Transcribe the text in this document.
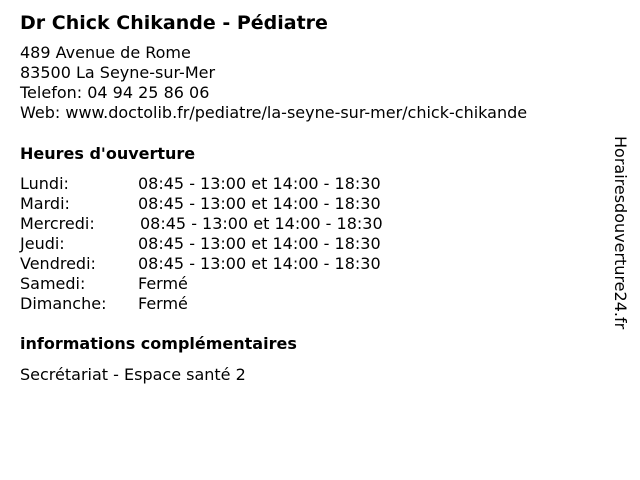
Dr Chick Chikande - Pédiatre
489 Avenue de Rome
83500 La Seyne-sur-Mer
Telefon: 04 94 25 86 06
Web: www.doctolib.fr/pediatre/la-seyne-sur-mer/chick-chikande
Heures d'ouverture
Lundi:	08:45 - 13:00 et 14:00 - 18:30
Mardi:	08:45 - 13:00 et 14:00 - 18:30
Mercredi:	08:45 - 13:00 et 14:00 - 18:30
Jeudi:	08:45 - 13:00 et 14:00 - 18:30
Vendredi:	08:45 - 13:00 et 14:00 - 18:30
Samedi:	Fermé
Dimanche: Fermé
informations complémentaires
Secrétariat - Espace santé 2
Horairesdouverture24.fr
